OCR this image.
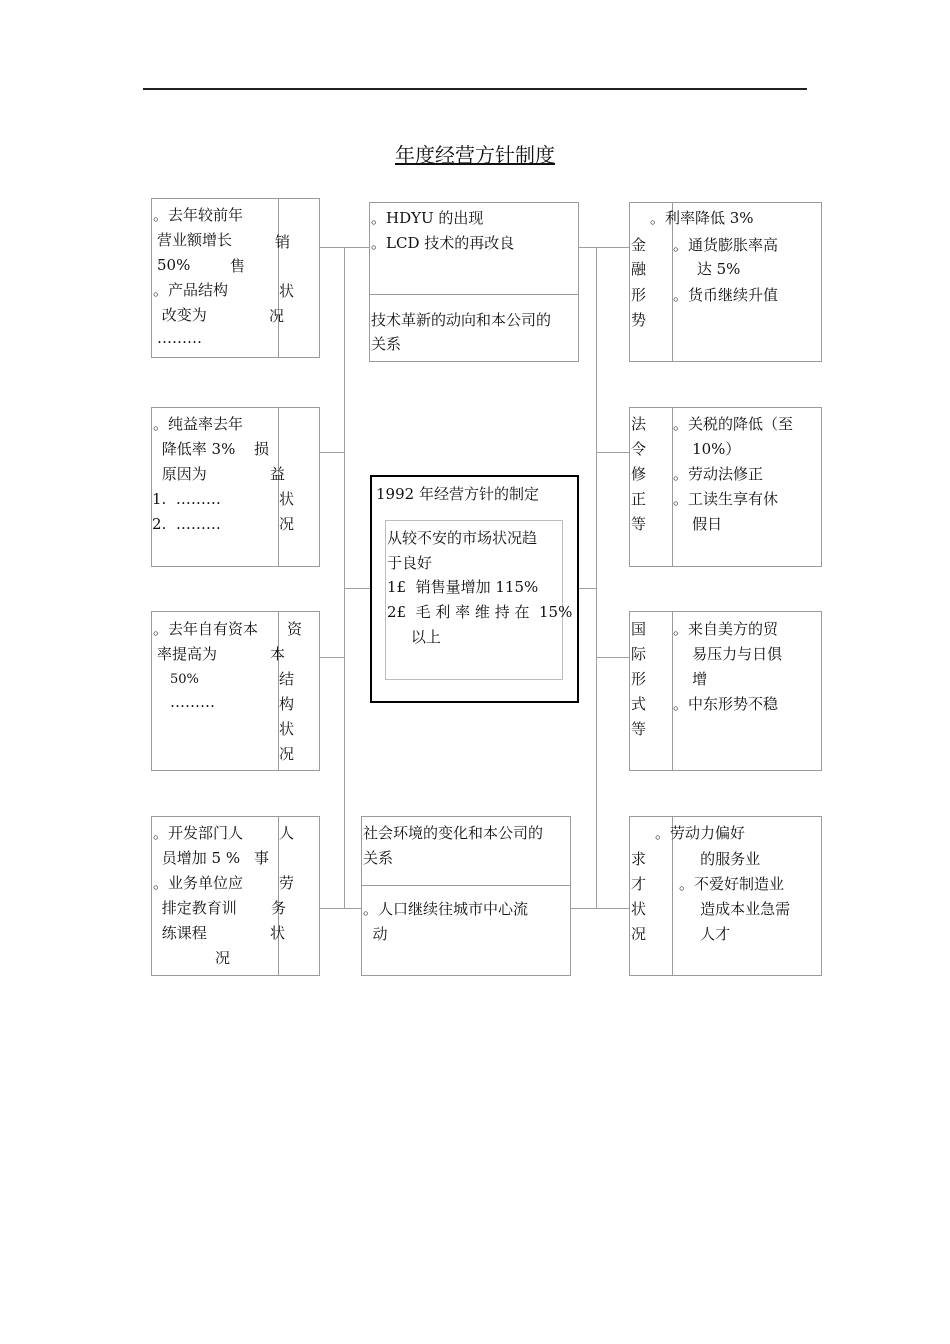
年度经营方针制度
。去年较前年
营业额增长
50%
。产品结构
改变为
………
销
售
状
况
。纯益率去年
降低率 3%
原因为
1.  ………
2.  ………
损
益
状
况
。去年自有资本
率提高为
50%
………
资
本
结
构
状
况
。开发部门人
员增加 5 %
。业务单位应
排定教育训
练课程
人
事
劳
务
状
况
。HDYU 的出现
。LCD 技术的再改良
技术革新的动向和本公司的
关系
1992 年经营方针的制定
从较不安的市场状况趋
于良好
1£  销售量增加 115%
2£  毛 利 率 维 持 在  15%
以上
社会环境的变化和本公司的
关系
。人口继续往城市中心流
动
。利率降低 3%
金
融
形
势
。通货膨胀率高
达 5%
。货币继续升值
法
令
修
正
等
。关税的降低（至
10%）
。劳动法修正
。工读生享有休
假日
国
际
形
式
等
。来自美方的贸
易压力与日俱
增
。中东形势不稳
。劳动力偏好
求
才
状
况
的服务业
。不爱好制造业
造成本业急需
人才
